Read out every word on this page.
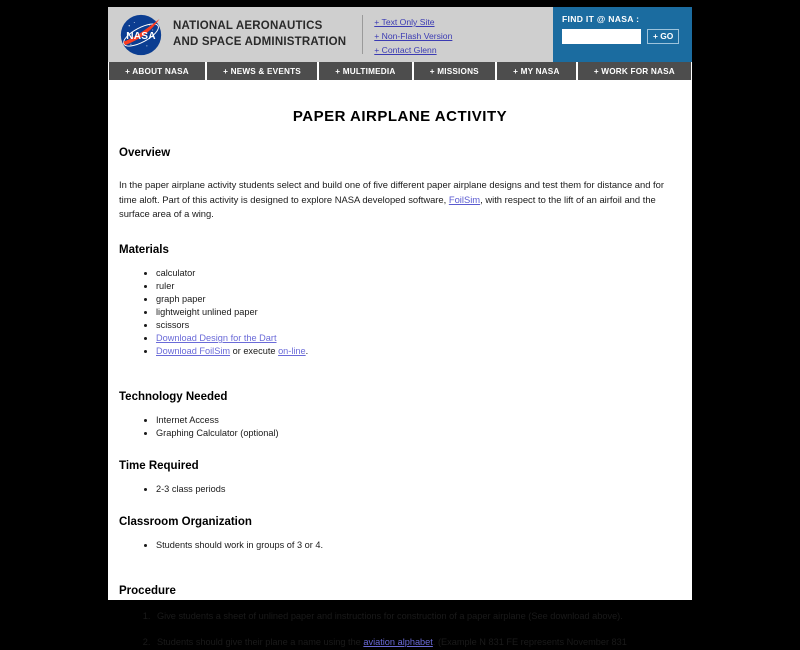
NASA
NATIONAL AERONAUTICS
AND SPACE ADMINISTRATION
+ Text Only Site
+ Non-Flash Version
+ Contact Glenn
FIND IT @ NASA :
+ GO
+ ABOUT NASA	+ NEWS & EVENTS	+ MULTIMEDIA	+ MISSIONS	+ MY NASA	+ WORK FOR NASA
PAPER AIRPLANE ACTIVITY
Overview

In the paper airplane activity students select and build one of five different paper airplane designs and test them for distance and for time aloft. Part of this activity is designed to explore NASA developed software, FoilSim, with respect to the lift of an airfoil and the surface area of a wing.

Materials
• calculator
• ruler
• graph paper
• lightweight unlined paper
• scissors
• Download Design for the Dart
• Download FoilSim or execute on-line.
Technology Needed
• Internet Access
• Graphing Calculator (optional)
Time Required
• 2-3 class periods
Classroom Organization
• Students should work in groups of 3 or 4.
Procedure
1. Give students a sheet of unlined paper and instructions for construction of a paper airplane (See download above).
2. Students should give their plane a name using the aviation alphabet. (Example N 831 FE represents November 831
